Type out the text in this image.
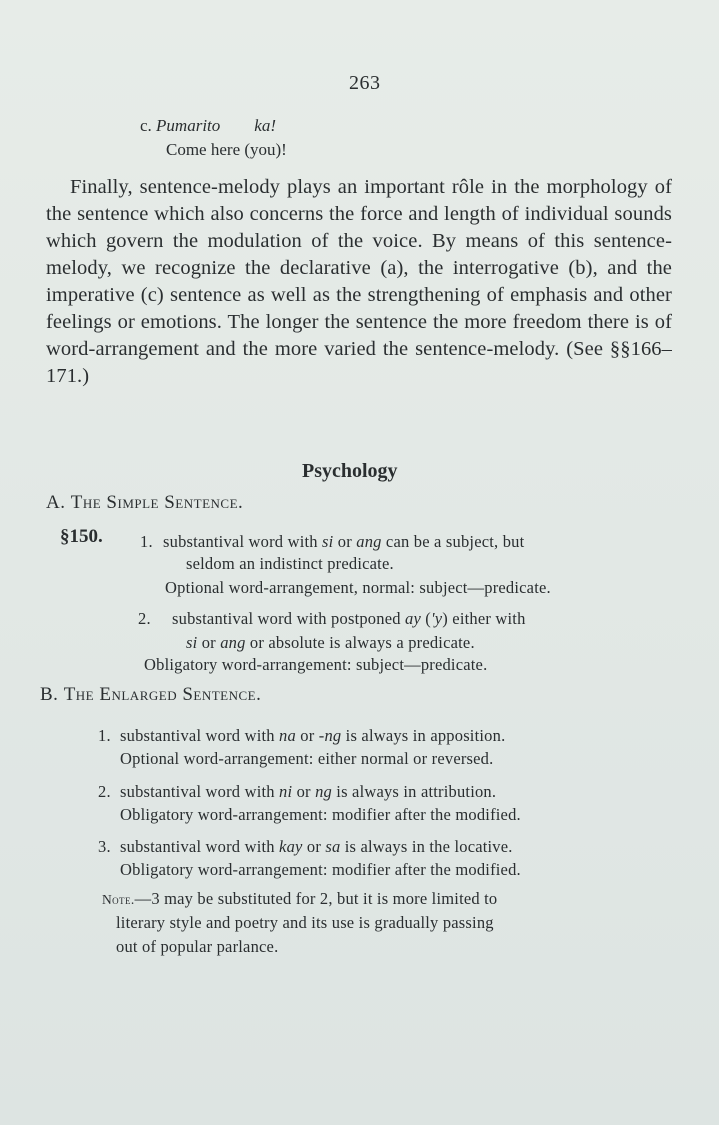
263
c. Pumarito ka!
Come here (you)!
Finally, sentence-melody plays an important rôle in the morphology of the sentence which also concerns the force and length of individual sounds which govern the modulation of the voice. By means of this sentence-melody, we recognize the declarative (a), the interrogative (b), and the imperative (c) sentence as well as the strengthening of emphasis and other feelings or emotions. The longer the sentence the more freedom there is of word-arrangement and the more varied the sentence-melody. (See §§166–171.)
Psychology
A. The Simple Sentence.
§150. 1. substantival word with si or ang can be a subject, but
seldom an indistinct predicate.
Optional word-arrangement, normal: subject—predicate.
2. substantival word with postponed ay ('y) either with
si or ang or absolute is always a predicate.
Obligatory word-arrangement: subject—predicate.
B. The Enlarged Sentence.
1. substantival word with na or -ng is always in apposition.
Optional word-arrangement: either normal or reversed.
2. substantival word with ni or ng is always in attribution.
Obligatory word-arrangement: modifier after the modified.
3. substantival word with kay or sa is always in the locative.
Obligatory word-arrangement: modifier after the modified.
Note.—3 may be substituted for 2, but it is more limited to
literary style and poetry and its use is gradually passing
out of popular parlance.
